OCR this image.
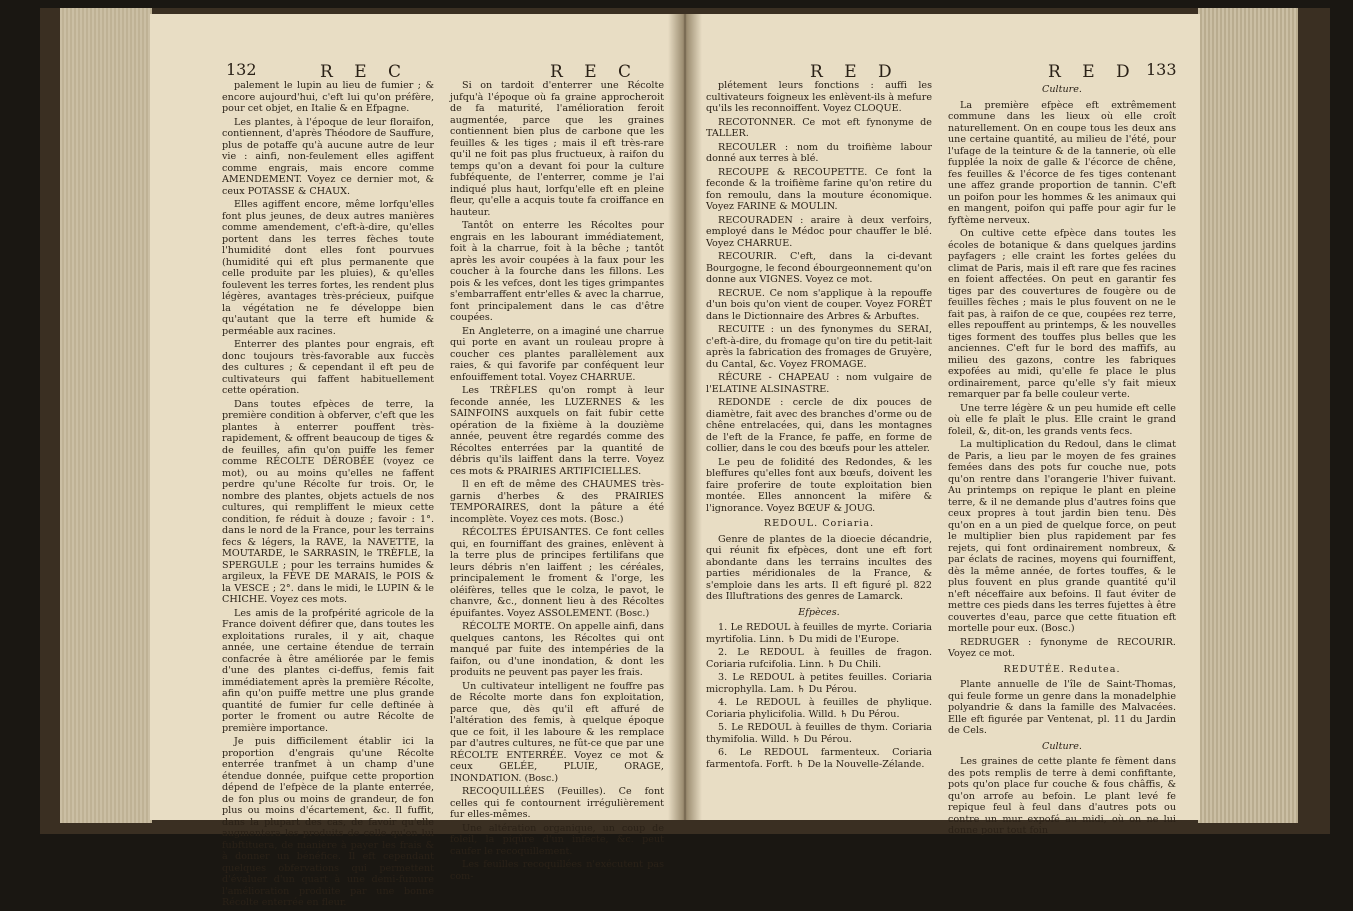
132	R E C	R E C

palement le lupin au lieu de fumier ; & encore aujourd'hui, c'eft lui qu'on préfère, pour cet objet, en Italie & en Efpagne.

Les plantes, à l'époque de leur floraifon, contiennent, d'après Théodore de Sauffure, plus de potaffe qu'à aucune autre de leur vie : ainfi, non-feulement elles agiffent comme engrais, mais encore comme AMENDEMENT. Voyez ce dernier mot, & ceux POTASSE & CHAUX.

Elles agiffent encore, même lorfqu'elles font plus jeunes, de deux autres manières comme amendement, c'eft-à-dire, qu'elles portent dans les terres fèches toute l'humidité dont elles font pourvues (humidité qui eft plus permanente que celle produite par les pluies), & qu'elles foulevent les terres fortes, les rendent plus légères, avantages très-précieux, puifque la végétation ne fe développe bien qu'autant que la terre eft humide & perméable aux racines.

Enterrer des plantes pour engrais, eft donc toujours très-favorable aux fuccès des cultures ; & cependant il eft peu de cultivateurs qui faffent habituellement cette opération.

Dans toutes efpèces de terre, la première condition à obferver, c'eft que les plantes à enterrer pouffent très-rapidement, & offrent beaucoup de tiges & de feuilles, afin qu'on puiffe les femer comme RÉCOLTE DÉROBÉE (voyez ce mot), ou au moins qu'elles ne faffent perdre qu'une Récolte fur trois. Or, le nombre des plantes, objets actuels de nos cultures, qui rempliffent le mieux cette condition, fe réduit à douze ; favoir : 1°. dans le nord de la France, pour les terrains fecs & légers, la RAVE, la NAVETTE, la MOUTARDE, le SARRASIN, le TRÈFLE, la SPERGULE ; pour les terrains humides & argileux, la FÈVE DE MARAIS, le POIS & la VESCE ; 2°. dans le midi, le LUPIN & le CHICHE. Voyez ces mots.

Les amis de la profpérité agricole de la France doivent défirer que, dans toutes les exploitations rurales, il y ait, chaque année, une certaine étendue de terrain confacrée à être améliorée par le femis d'une des plantes ci-deffus, femis fait immédiatement après la première Récolte, afin qu'on puiffe mettre une plus grande quantité de fumier fur celle deftinée à porter le froment ou autre Récolte de première importance.

Je puis difficilement établir ici la proportion d'engrais qu'une Récolte enterrée tranfmet à un champ d'une étendue donnée, puifque cette proportion dépend de l'efpèce de la plante enterrée, de fon plus ou moins de grandeur, de fon plus ou moins d'écartement, &c. Il fuffit, dans la plupart des cas, de favoir qu'elle augmentera les produits de celle qu'on lui fubftituera, de manière à payer les frais & à donner un bénéfice. Il eft cependant quelques obfervations qui permettent d'évaluer d'un quart à une demi-fumure l'amélioration produite par une bonne Récolte enterrée en fleur.

Si on tardoit d'enterrer une Récolte jufqu'à l'époque où fa graine approcheroit de fa maturité, l'amélioration feroit augmentée, parce que les graines contiennent bien plus de carbone que les feuilles & les tiges ; mais il eft très-rare qu'il ne foit pas plus fructueux, à raifon du temps qu'on a devant foi pour la culture fubféquente, de l'enterrer, comme je l'ai indiqué plus haut, lorfqu'elle eft en pleine fleur, qu'elle a acquis toute fa croiffance en hauteur.

Tantôt on enterre les Récoltes pour engrais en les labourant immédiatement, foit à la charrue, foit à la bêche ; tantôt après les avoir coupées à la faux pour les coucher à la fourche dans les fillons. Les pois & les vefces, dont les tiges grimpantes s'embarraffent entr'elles & avec la charrue, font principalement dans le cas d'être coupées.

En Angleterre, on a imaginé une charrue qui porte en avant un rouleau propre à coucher ces plantes parallèlement aux raies, & qui favorife par conféquent leur enfouiffement total. Voyez CHARRUE.

Les TRÈFLES qu'on rompt à leur feconde année, les LUZERNES & les SAINFOINS auxquels on fait fubir cette opération de la fixième à la douzième année, peuvent être regardés comme des Récoltes enterrées par la quantité de débris qu'ils laiffent dans la terre. Voyez ces mots & PRAIRIES ARTIFICIELLES.

Il en eft de même des CHAUMES très-garnis d'herbes & des PRAIRIES TEMPORAIRES, dont la pâture a été incomplète. Voyez ces mots. (Bosc.)

RÉCOLTES ÉPUISANTES. Ce font celles qui, en fourniffant des graines, enlèvent à la terre plus de principes fertilifans que leurs débris n'en laiffent ; les céréales, principalement le froment & l'orge, les oléifères, telles que le colza, le pavot, le chanvre, &c., donnent lieu à des Récoltes épuifantes. Voyez ASSOLEMENT. (Bosc.)

RÉCOLTE MORTE. On appelle ainfi, dans quelques cantons, les Récoltes qui ont manqué par fuite des intempéries de la faifon, ou d'une inondation, & dont les produits ne peuvent pas payer les frais.

Un cultivateur intelligent ne fouffre pas de Récolte morte dans fon exploitation, parce que, dès qu'il eft affuré de l'altération des femis, à quelque époque que ce foit, il les laboure & les remplace par d'autres cultures, ne fût-ce que par une RÉCOLTE ENTERRÉE. Voyez ce mot & ceux GELÉE, PLUIE, ORAGE, INONDATION. (Bosc.)

RECOQUILLÉES (Feuilles). Ce font celles qui fe contournent irrégulièrement fur elles-mêmes.

Une altération organique, un coup de foleil, la piqûre d'un infecte, &c. peut caufer le recoquillement.

Les feuilles recoquillées n'exécutent pas com-

R E D	R E D 133

plétement leurs fonctions : auffi les cultivateurs foigneux les enlèvent-ils à mefure qu'ils les reconnoiffent. Voyez CLOQUE.

RECOTONNER. Ce mot eft fynonyme de TALLER.

RECOULER : nom du troifième labour donné aux terres à blé.

RECOUPE & RECOUPETTE. Ce font la feconde & la troifième farine qu'on retire du fon remoulu, dans la mouture économique. Voyez FARINE & MOULIN.

RECOURADEN : araire à deux verfoirs, employé dans le Médoc pour chauffer le blé. Voyez CHARRUE.

RECOURIR. C'eft, dans la ci-devant Bourgogne, le fecond ébourgeonnement qu'on donne aux VIGNES. Voyez ce mot.

RECRUE. Ce nom s'applique à la repouffe d'un bois qu'on vient de couper. Voyez FORÊT dans le Dictionnaire des Arbres & Arbuftes.

RECUITE : un des fynonymes du SERAI, c'eft-à-dire, du fromage qu'on tire du petit-lait après la fabrication des fromages de Gruyère, du Cantal, &c. Voyez FROMAGE.

RÉCURE - CHAPEAU : nom vulgaire de l'ELATINE ALSINASTRE.

REDONDE : cercle de dix pouces de diamètre, fait avec des branches d'orme ou de chêne entrelacées, qui, dans les montagnes de l'eft de la France, fe paffe, en forme de collier, dans le cou des bœufs pour les atteler.

Le peu de folidité des Redondes, & les bleffures qu'elles font aux bœufs, doivent les faire proferire de toute exploitation bien montée. Elles annoncent la mifère & l'ignorance. Voyez BŒUF & JOUG.

REDOUL. Coriaria.

Genre de plantes de la dioecie décandrie, qui réunit fix efpèces, dont une eft fort abondante dans les terrains incultes des parties méridionales de la France, & s'emploie dans les arts. Il eft figuré pl. 822 des Illuftrations des genres de Lamarck.

Efpèces.

1. Le REDOUL à feuilles de myrte. Coriaria myrtifolia. Linn. ♄ Du midi de l'Europe.

2. Le REDOUL à feuilles de fragon. Coriaria rufcifolia. Linn. ♄ Du Chili.

3. Le REDOUL à petites feuilles. Coriaria microphylla. Lam. ♄ Du Pérou.

4. Le REDOUL à feuilles de phylique. Coriaria phylicifolia. Willd. ♄ Du Pérou.

5. Le REDOUL à feuilles de thym. Coriaria thymifolia. Willd. ♄ Du Pérou.

6. Le REDOUL farmenteux. Coriaria farmentofa. Forft. ♄ De la Nouvelle-Zélande.

Culture.

La première efpèce eft extrêmement commune dans les lieux où elle croît naturellement. On en coupe tous les deux ans une certaine quantité, au milieu de l'été, pour l'ufage de la teinture & de la tannerie, où elle fupplée la noix de galle & l'écorce de chêne, fes feuilles & l'écorce de fes tiges contenant une affez grande proportion de tannin. C'eft un poifon pour les hommes & les animaux qui en mangent, poifon qui paffe pour agir fur le fyftème nerveux.

On cultive cette efpèce dans toutes les écoles de botanique & dans quelques jardins payfagers ; elle craint les fortes gelées du climat de Paris, mais il eft rare que fes racines en foient affectées. On peut en garantir fes tiges par des couvertures de fougère ou de feuilles fèches ; mais le plus fouvent on ne le fait pas, à raifon de ce que, coupées rez terre, elles repouffent au printemps, & les nouvelles tiges forment des touffes plus belles que les anciennes. C'eft fur le bord des maffifs, au milieu des gazons, contre les fabriques expofées au midi, qu'elle fe place le plus ordinairement, parce qu'elle s'y fait mieux remarquer par fa belle couleur verte.

Une terre légère & un peu humide eft celle où elle fe plaît le plus. Elle craint le grand foleil, &, dit-on, les grands vents fecs.

La multiplication du Redoul, dans le climat de Paris, a lieu par le moyen de fes graines femées dans des pots fur couche nue, pots qu'on rentre dans l'orangerie l'hiver fuivant. Au printemps on repique le plant en pleine terre, & il ne demande plus d'autres foins que ceux propres à tout jardin bien tenu. Dès qu'on en a un pied de quelque force, on peut le multiplier bien plus rapidement par fes rejets, qui font ordinairement nombreux, & par éclats de racines, moyens qui fourniffent, dès la même année, de fortes touffes, & le plus fouvent en plus grande quantité qu'il n'eft néceffaire aux befoins. Il faut éviter de mettre ces pieds dans les terres fujettes à être couvertes d'eau, parce que cette fituation eft mortelle pour eux. (Bosc.)

REDRUGER : fynonyme de RECOURIR. Voyez ce mot.

REDUTÉE. Redutea.

Plante annuelle de l'île de Saint-Thomas, qui feule forme un genre dans la monadelphie polyandrie & dans la famille des Malvacées. Elle eft figurée par Ventenat, pl. 11 du Jardin de Cels.

Culture.

Les graines de cette plante fe fèment dans des pots remplis de terre à demi confiftante, pots qu'on place fur couche & fous châffis, & qu'on arrofe au befoin. Le plant levé fe repique feul à feul dans d'autres pots ou contre un mur expofé au midi, où on ne lui donne pour tout foin
